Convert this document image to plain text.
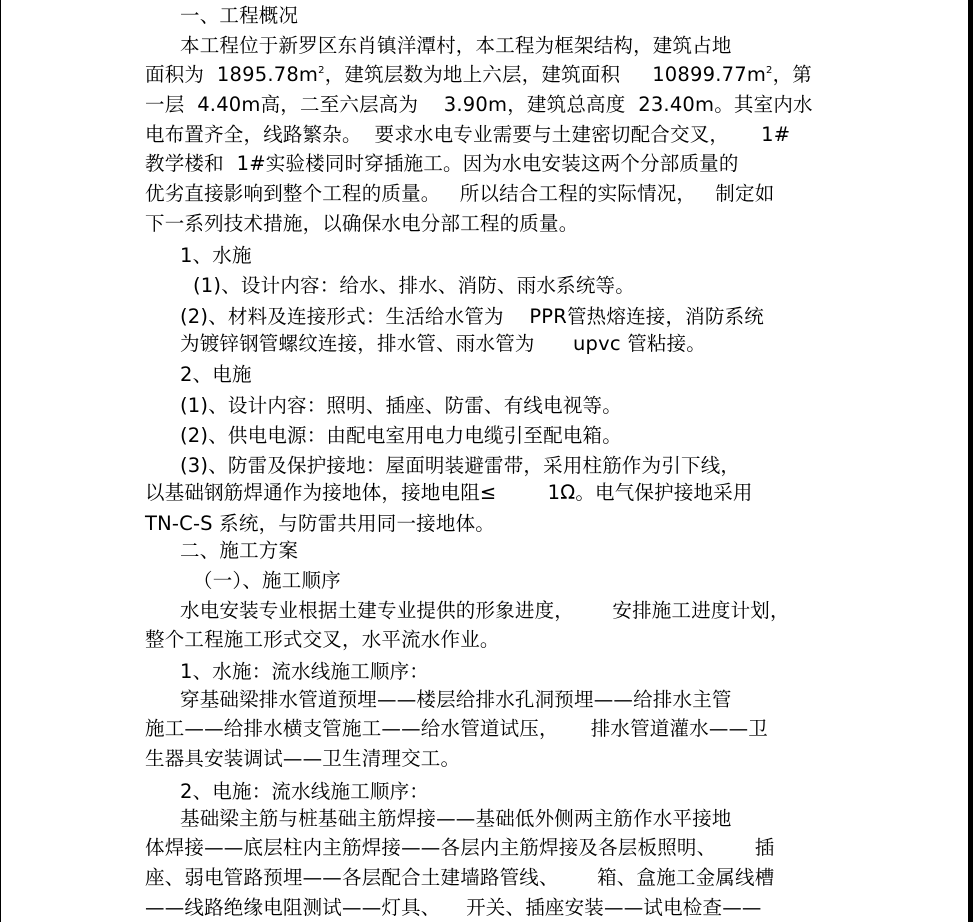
一、工程概况
本工程位于新罗区东肖镇洋潭村，本工程为框架结构，建筑占地
面积为  $1895.78m^2$，建筑层数为地上六层，建筑面积     $10899.77m^2$，第
一层  4.40m高，二至六层高为    3.90m，建筑总高度  23.40m。其室内水
电布置齐全，线路繁杂。  要求水电专业需要与土建密切配合交叉，     1#
教学楼和  1#实验楼同时穿插施工。因为水电安装这两个分部质量的
优劣直接影响到整个工程的质量。   所以结合工程的实际情况，   制定如
下一系列技术措施，以确保水电分部工程的质量。
1、水施
(1)、设计内容：给水、排水、消防、雨水系统等。
(2)、材料及连接形式：生活给水管为    PPR管热熔连接，消防系统
为镀锌钢管螺纹连接，排水管、雨水管为      upvc 管粘接。
2、电施
(1)、设计内容：照明、插座、防雷、有线电视等。
(2)、供电电源：由配电室用电力电缆引至配电箱。
(3)、防雷及保护接地：屋面明装避雷带，采用柱筋作为引下线，
以基础钢筋焊通作为接地体，接地电阻≤        1Ω。电气保护接地采用
TN-C-S 系统，与防雷共用同一接地体。
二、施工方案
（一）、施工顺序
水电安装专业根据土建专业提供的形象进度，      安排施工进度计划，
整个工程施工形式交叉，水平流水作业。
1、水施：流水线施工顺序：
穿基础梁排水管道预埋——楼层给排水孔洞预埋——给排水主管
施工——给排水横支管施工——给水管道试压，     排水管道灌水——卫
生器具安装调试——卫生清理交工。
2、电施：流水线施工顺序：
基础梁主筋与桩基础主筋焊接——基础低外侧两主筋作水平接地
体焊接——底层柱内主筋焊接——各层内主筋焊接及各层板照明、      插
座、弱电管路预埋——各层配合土建墙路管线、      箱、盒施工金属线槽
——线路绝缘电阻测试——灯具、    开关、插座安装——试电检查——
